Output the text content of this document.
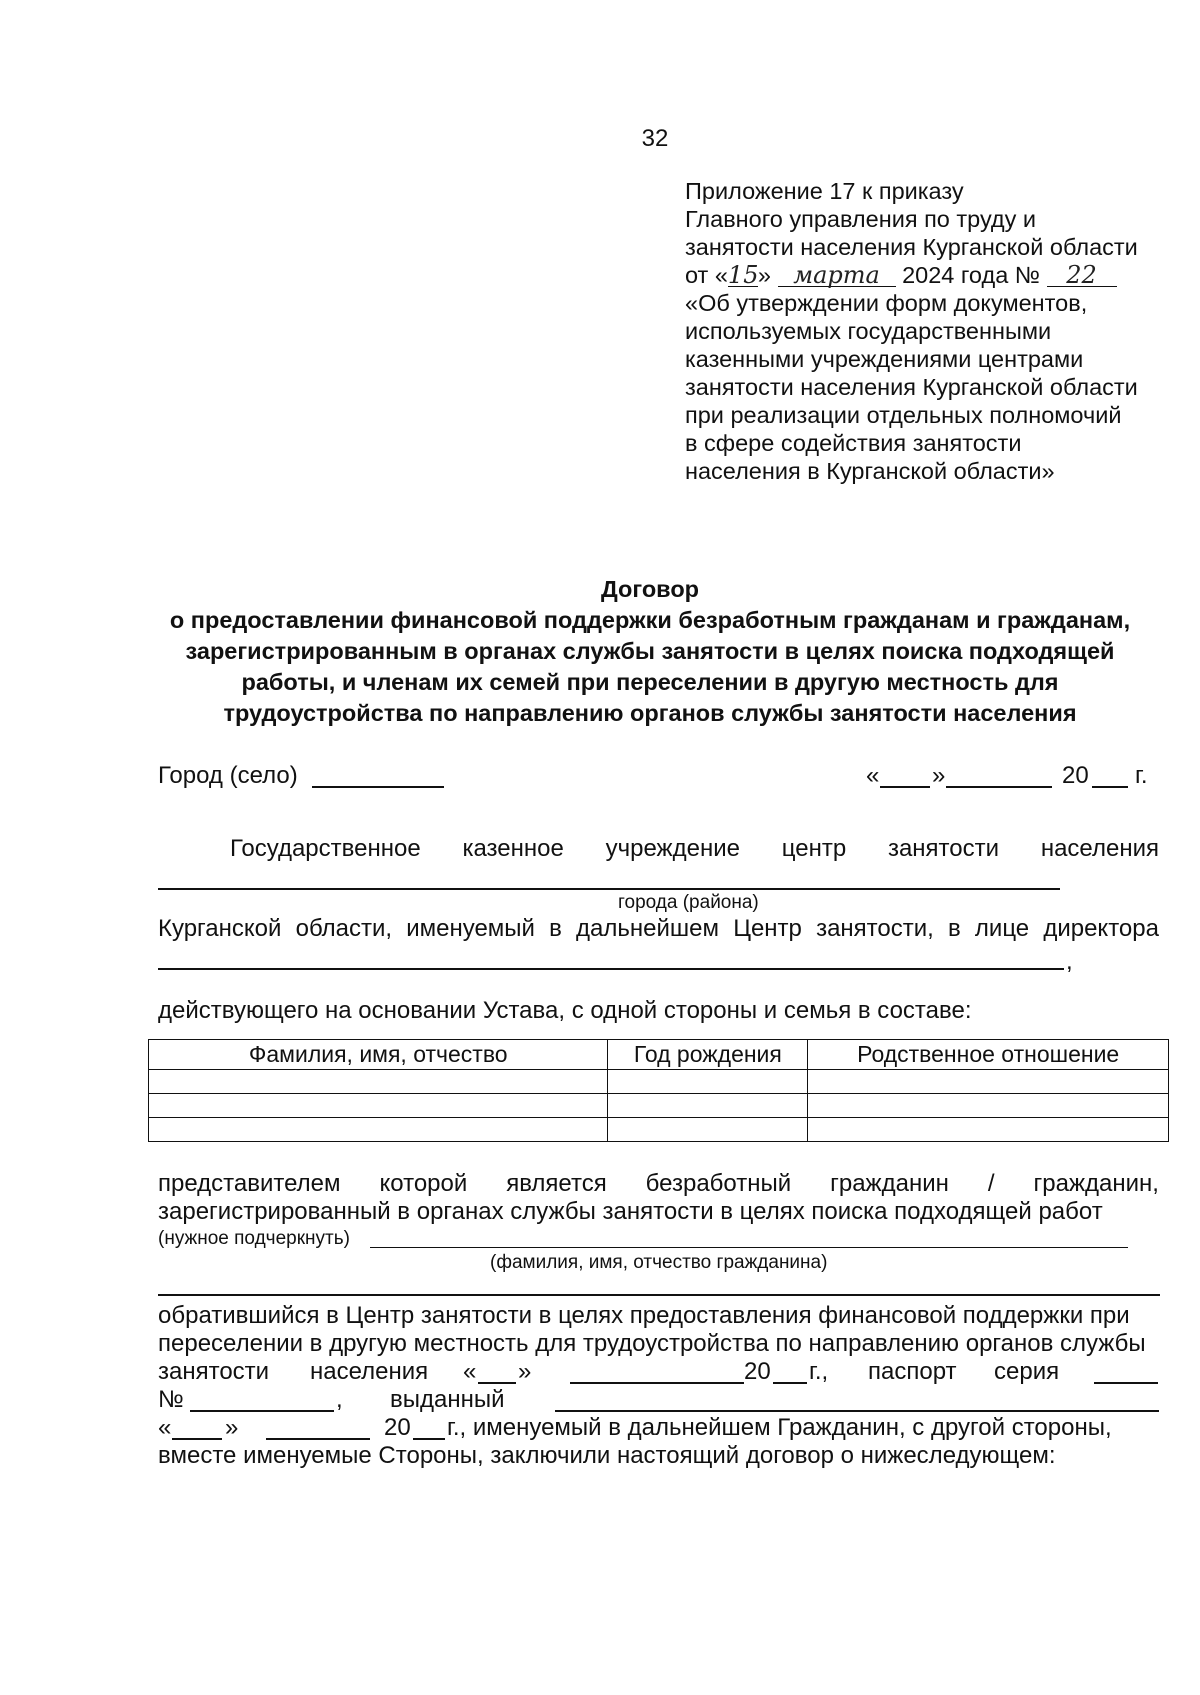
32
Приложение 17 к приказу
Главного управления по труду и
занятости населения Курганской области
от «15» марта 2024 года № 22
«Об утверждении форм документов,
используемых государственными
казенными учреждениями центрами
занятости населения Курганской области
при реализации отдельных полномочий
в сфере содействия занятости
населения в Курганской области»
Договор
о предоставлении финансовой поддержки безработным гражданам и гражданам,
зарегистрированным в органах службы занятости в целях поиска подходящей
работы, и членам их семей при переселении в другую местность для
трудоустройства по направлению органов службы занятости населения
Город (село)	« »	20 г.
Государственное казенное учреждение центр занятости населения
города (района)
Курганской области, именуемый в дальнейшем Центр занятости, в лице директора
,
действующего на основании Устава, с одной стороны и семья в составе:
Фамилия, имя, отчество	Год рождения	Родственное отношение

представителем которой является безработный гражданин / гражданин,
зарегистрированный в органах службы занятости в целях поиска подходящей работ
(нужное подчеркнуть)
(фамилия, имя, отчество гражданина)
обратившийся в Центр занятости в целях предоставления финансовой поддержки при
переселении в другую местность для трудоустройства по направлению органов службы
занятости населения « »	20 г., паспорт серия
№	, выданный
« »	20 г., именуемый в дальнейшем Гражданин, с другой стороны,
вместе именуемые Стороны, заключили настоящий договор о нижеследующем:
